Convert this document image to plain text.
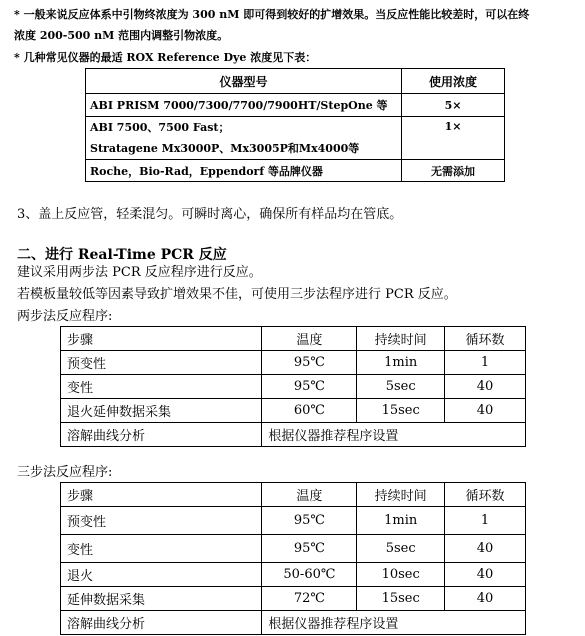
* 一般来说反应体系中引物终浓度为 300 nM 即可得到较好的扩增效果。当反应性能比较差时，可以在终
浓度 200-500 nM 范围内调整引物浓度。
* 几种常见仪器的最适 ROX Reference Dye 浓度见下表：
仪器型号	使用浓度
ABI PRISM 7000/7300/7700/7900HT/StepOne 等	5×

ABI 7500、7500 Fast；
Stratagene Mx3000P、Mx3005P和Mx4000等	1×
Roche，Bio-Rad，Eppendorf 等品牌仪器	无需添加
3、盖上反应管，轻柔混匀。可瞬时离心，确保所有样品均在管底。
二、进行 Real-Time PCR 反应
建议采用两步法 PCR 反应程序进行反应。
若模板量较低等因素导致扩增效果不佳，可使用三步法程序进行 PCR 反应。
两步法反应程序:
步骤	温度	持续时间	循环数
预变性	95℃	1min	1
变性	95℃	5sec	40
退火延伸数据采集	60℃	15sec	40
溶解曲线分析	根据仪器推荐程序设置		
三步法反应程序:
步骤	温度	持续时间	循环数
预变性	95℃	1min	1
变性	95℃	5sec	40
退火	50-60℃	10sec	40
延伸数据采集	72℃	15sec	40
溶解曲线分析	根据仪器推荐程序设置		
